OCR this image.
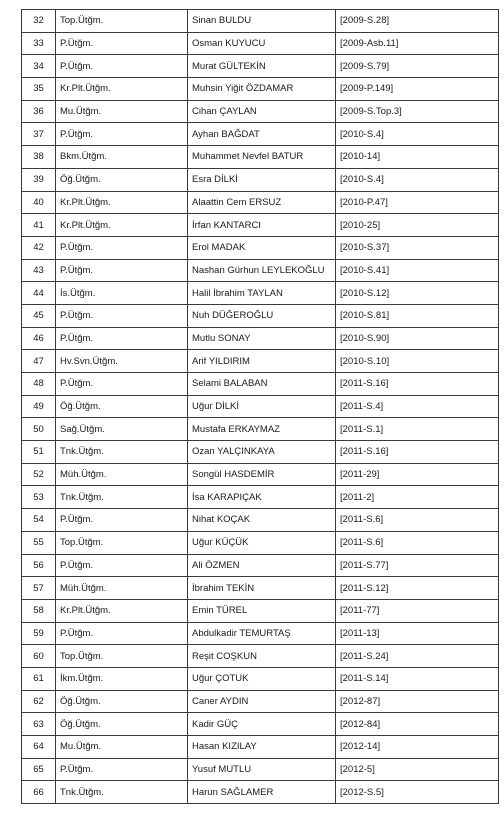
32	Top.Ütğm.	Sinan BULDU	[2009-S.28]
33	P.Ütğm.	Osman KUYUCU	[2009-Asb.11]
34	P.Ütğm.	Murat GÜLTEKİN	[2009-S.79]
35	Kr.Plt.Ütğm.	Muhsin Yiğit ÖZDAMAR	[2009-P.149]
36	Mu.Ütğm.	Cihan ÇAYLAN	[2009-S.Top.3]
37	P.Ütğm.	Ayhan BAĞDAT	[2010-S.4]
38	Bkm.Ütğm.	Muhammet Nevfel BATUR	[2010-14]
39	Öğ.Ütğm.	Esra DİLKİ	[2010-S.4]
40	Kr.Plt.Ütğm.	Alaattin Cem ERSUZ	[2010-P.47]
41	Kr.Plt.Ütğm.	İrfan KANTARCI	[2010-25]
42	P.Ütğm.	Erol MADAK	[2010-S.37]
43	P.Ütğm.	Nashan Gürhun LEYLEKOĞLU	[2010-S.41]
44	İs.Ütğm.	Halil İbrahim TAYLAN	[2010-S.12]
45	P.Ütğm.	Nuh DÜĞEROĞLU	[2010-S.81]
46	P.Ütğm.	Mutlu SONAY	[2010-S.90]
47	Hv.Svn.Ütğm.	Arif YILDIRIM	[2010-S.10]
48	P.Ütğm.	Selami BALABAN	[2011-S.16]
49	Öğ.Ütğm.	Uğur DİLKİ	[2011-S.4]
50	Sağ.Ütğm.	Mustafa ERKAYMAZ	[2011-S.1]
51	Tnk.Ütğm.	Ozan YALÇINKAYA	[2011-S.16]
52	Müh.Ütğm.	Songül HASDEMİR	[2011-29]
53	Tnk.Ütğm.	İsa KARAPIÇAK	[2011-2]
54	P.Ütğm.	Nihat KOÇAK	[2011-S.6]
55	Top.Ütğm.	Uğur KÜÇÜK	[2011-S.6]
56	P.Ütğm.	Ali ÖZMEN	[2011-S.77]
57	Müh.Ütğm.	İbrahim TEKİN	[2011-S.12]
58	Kr.Plt.Ütğm.	Emin TÜREL	[2011-77]
59	P.Ütğm.	Abdulkadir TEMURTAŞ	[2011-13]
60	Top.Ütğm.	Reşit COŞKUN	[2011-S.24]
61	İkm.Ütğm.	Uğur ÇOTUK	[2011-S.14]
62	Öğ.Ütğm.	Caner AYDIN	[2012-87]
63	Öğ.Ütğm.	Kadir GÜÇ	[2012-84]
64	Mu.Ütğm.	Hasan KIZILAY	[2012-14]
65	P.Ütğm.	Yusuf MUTLU	[2012-5]
66	Tnk.Ütğm.	Harun SAĞLAMER	[2012-S.5]
